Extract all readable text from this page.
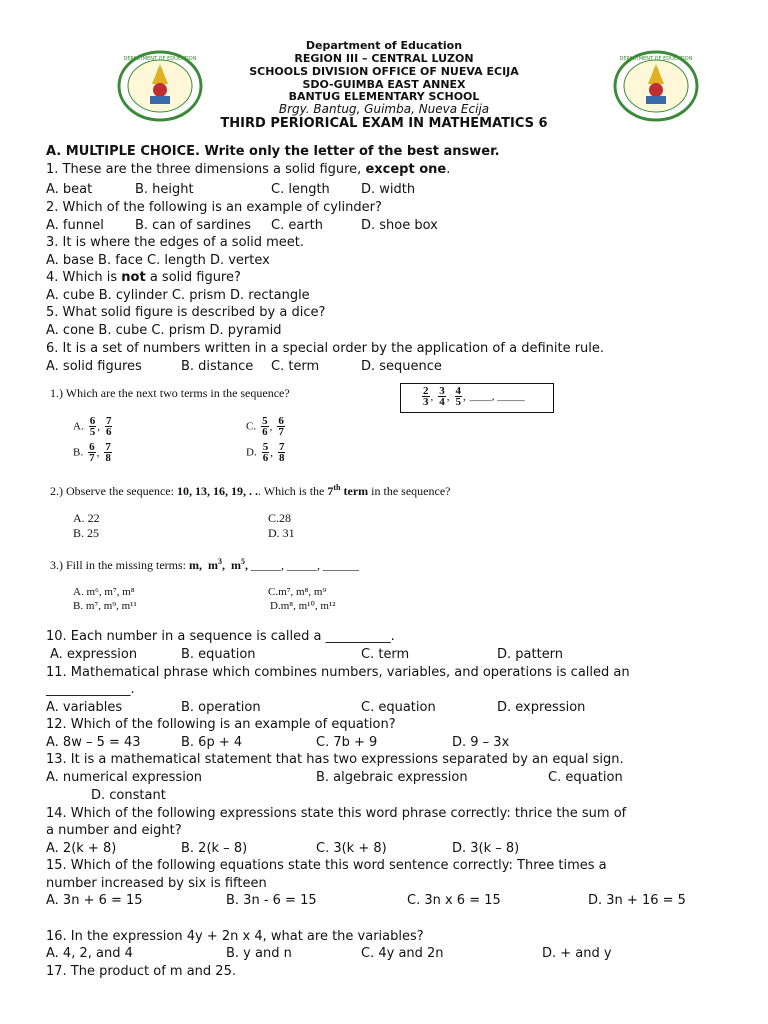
DEPARTMENT OF EDUCATION	DEPARTMENT OF EDUCATION
Department of Education
REGION III – CENTRAL LUZON
SCHOOLS DIVISION OFFICE OF NUEVA ECIJA
SDO-GUIMBA EAST ANNEX
BANTUG ELEMENTARY SCHOOL
Brgy. Bantug, Guimba, Nueva Ecija
THIRD PERIORICAL EXAM IN MATHEMATICS 6
A. MULTIPLE CHOICE. Write only the letter of the best answer.
1. These are the three dimensions a solid figure, except one.
A. beat	B. height	C. length D. width
2. Which of the following is an example of cylinder?
A. funnel B. can of sardines C. earth	D. shoe box
3. It is where the edges of a solid meet.
A. base B. face C. length D. vertex
4. Which is not a solid figure?
A. cube B. cylinder C. prism D. rectangle
5. What solid figure is described by a dice?
A. cone B. cube C. prism D. pyramid
6. It is a set of numbers written in a special order by the application of a definite rule.
A. solid figures	B. distance C. term	D. sequence
1.) Which are the next two terms in the sequence?	$\frac{2}{3}$ , $\frac{3}{4}$ , $\frac{4}{5}$ , ____, _____
A. $\frac{6}{5}$ , $\frac{7}{6}$	C. $\frac{5}{6}$ , $\frac{6}{7}$
B. $\frac{6}{7}$ , $\frac{7}{8}$	D. $\frac{5}{6}$ , $\frac{7}{8}$
2.) Observe the sequence: 10, 13, 16, 19, . .. Which is the 7th term in the sequence?
A. 22	C.28
B. 25	D. 31
3.) Fill in the missing terms: m,  $m^3$,  $m^5$, _____, _____, ______
A. m⁶, m⁷, m⁸	C.m⁷, m⁸, m⁹
B. m⁷, m⁹, m¹¹	D.m⁸, m¹⁰, m¹²
10. Each number in a sequence is called a __________.
A. expression	B. equation	C. term	D. pattern
11. Mathematical phrase which combines numbers, variables, and operations is called an
_____________.
A. variables	B. operation	C. equation	D. expression
12. Which of the following is an example of equation?
A. 8w – 5 = 43	B. 6p + 4	C. 7b + 9	D. 9 – 3x
13. It is a mathematical statement that has two expressions separated by an equal sign.
A. numerical expression	B. algebraic expression	C. equation
D. constant
14. Which of the following expressions state this word phrase correctly: thrice the sum of
a number and eight?
A. 2(k + 8)	B. 2(k – 8)	C. 3(k + 8)	D. 3(k – 8)
15. Which of the following equations state this word sentence correctly: Three times a
number increased by six is fifteen
A. 3n + 6 = 15	B. 3n - 6 = 15	C. 3n x 6 = 15	D. 3n + 16 = 5
16. In the expression 4y + 2n x 4, what are the variables?
A. 4, 2, and 4	B. y and n	C. 4y and 2n	D. + and y
17. The product of m and 25.
